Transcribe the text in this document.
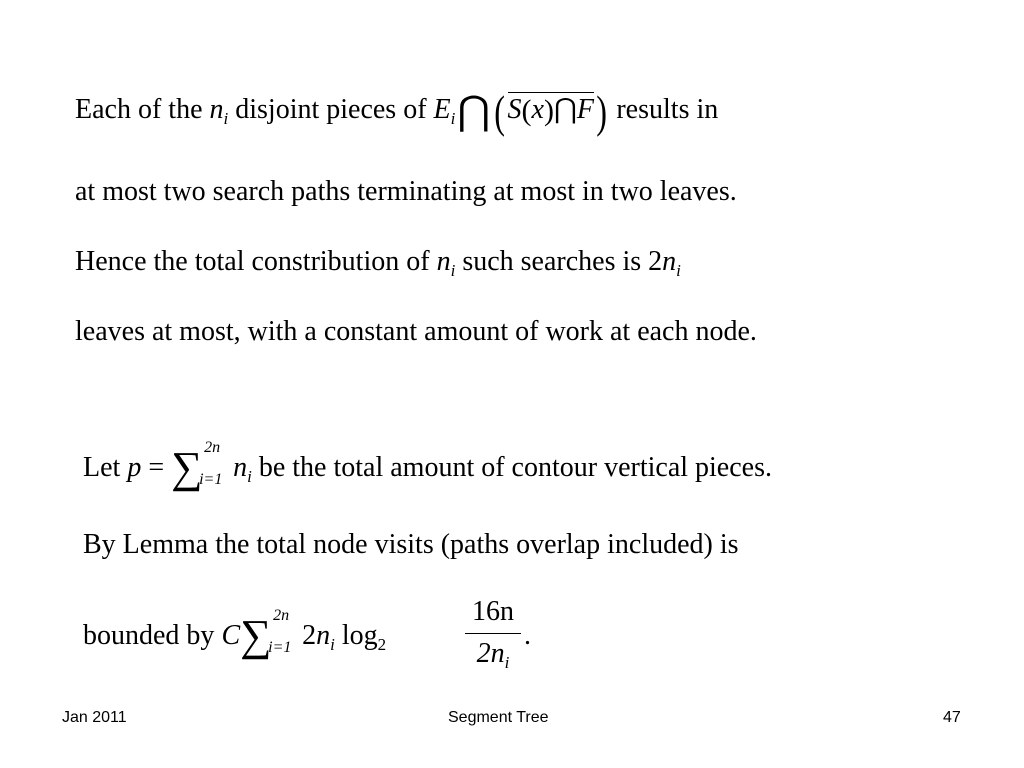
Each of the $n_i$ disjoint pieces of $E_i⋂(S(x)⋂F)$ results in
at most two search paths terminating at most in two leaves.
Hence the total constribution of $n_i$ such searches is $2n_i$
leaves at most, with a constant amount of work at each node.
Let p = ∑ 2n
i=1 $n_i$ be the total amount of contour vertical pieces.
By Lemma the total node visits (paths overlap included) is
bounded by C ∑ 2n
i=1 $2n_i$ $\log_2$
16n
$2n_i$
.
Jan 2011	Segment Tree	47
